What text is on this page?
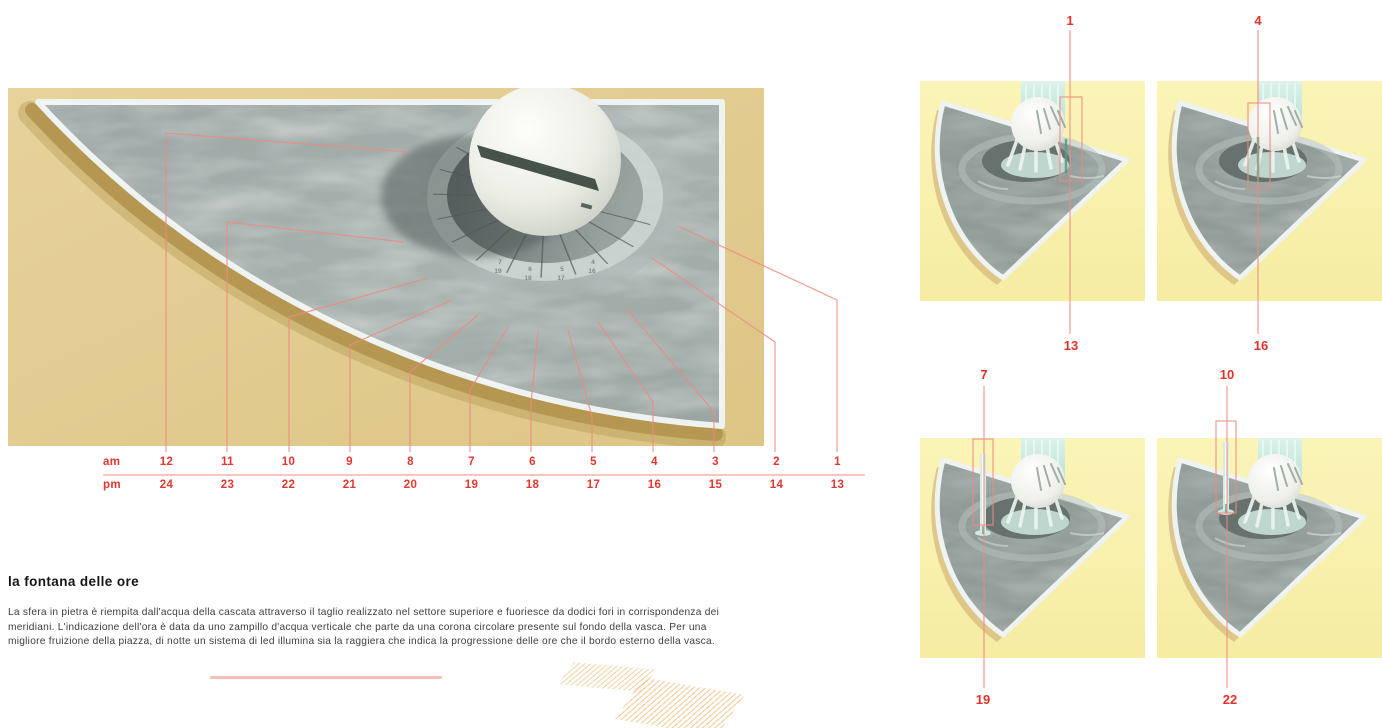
22
23
24
7
19	6
18
5
17
4
16
am	12	11	10	9	8	7	6	5	4	3	2	1
pm	24	23	22	21	20	19	18	17	16	15	14	13
la fontana delle ore
La sfera in pietra è riempita dall'acqua della cascata attraverso il taglio realizzato nel settore superiore e fuoriesce da dodici fori in corrispondenza dei
meridiani. L'indicazione dell'ora è data da uno zampillo d'acqua verticale che parte da una corona circolare presente sul fondo della vasca. Per una
migliore fruizione della piazza, di notte un sistema di led illumina sia la raggiera che indica la progressione delle ore che il bordo esterno della vasca.
1
13
4
16
7
19
10
22
